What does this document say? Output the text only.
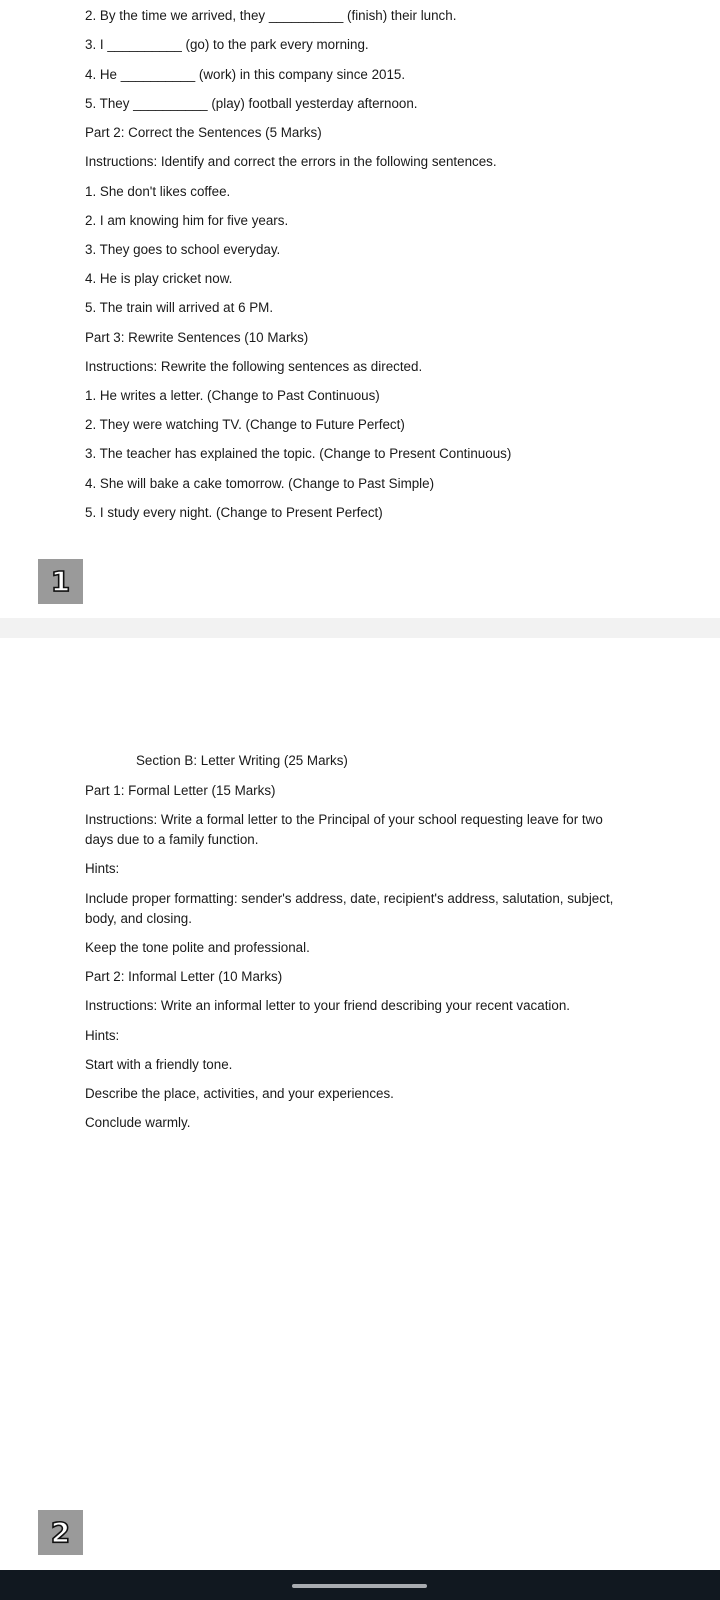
2. By the time we arrived, they __________ (finish) their lunch.
3. I __________ (go) to the park every morning.
4. He __________ (work) in this company since 2015.
5. They __________ (play) football yesterday afternoon.
Part 2: Correct the Sentences (5 Marks)
Instructions: Identify and correct the errors in the following sentences.
1. She don't likes coffee.
2. I am knowing him for five years.
3. They goes to school everyday.
4. He is play cricket now.
5. The train will arrived at 6 PM.
Part 3: Rewrite Sentences (10 Marks)
Instructions: Rewrite the following sentences as directed.
1. He writes a letter. (Change to Past Continuous)
2. They were watching TV. (Change to Future Perfect)
3. The teacher has explained the topic. (Change to Present Continuous)
4. She will bake a cake tomorrow. (Change to Past Simple)
5. I study every night. (Change to Present Perfect)
1
Section B: Letter Writing (25 Marks)
Part 1: Formal Letter (15 Marks)
Instructions: Write a formal letter to the Principal of your school requesting leave for two days due to a family function.
Hints:
Include proper formatting: sender's address, date, recipient's address, salutation, subject, body, and closing.
Keep the tone polite and professional.
Part 2: Informal Letter (10 Marks)
Instructions: Write an informal letter to your friend describing your recent vacation.
Hints:
Start with a friendly tone.
Describe the place, activities, and your experiences.
Conclude warmly.
2
